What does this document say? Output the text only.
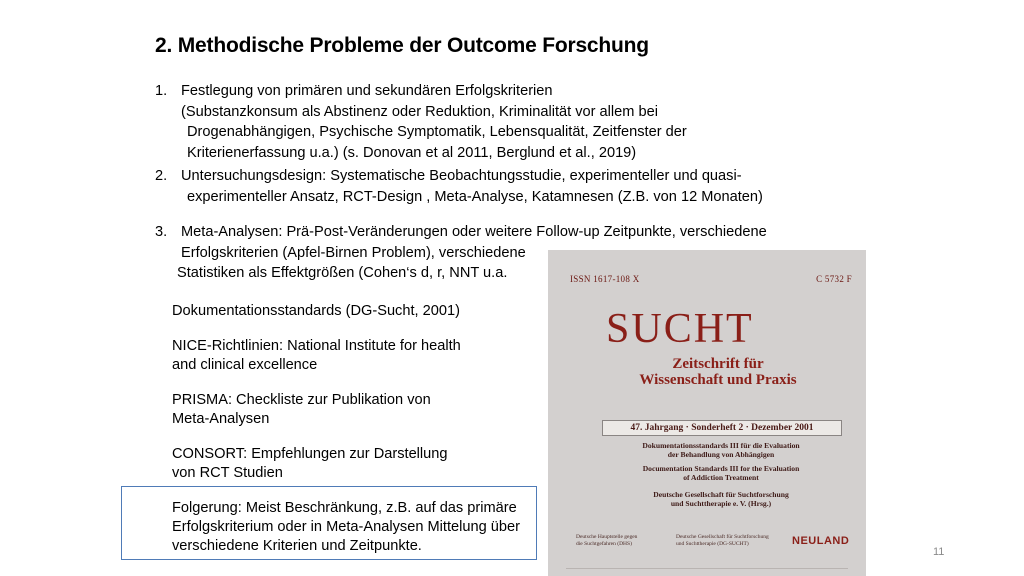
2. Methodische Probleme der Outcome Forschung
1. Festlegung von primären und sekundären Erfolgskriterien
(Substanzkonsum als Abstinenz oder Reduktion, Kriminalität vor allem bei
Drogenabhängigen, Psychische Symptomatik, Lebensqualität, Zeitfenster der
Kriterienerfassung u.a.) (s. Donovan et al 2011, Berglund et al., 2019)
2. Untersuchungsdesign: Systematische Beobachtungsstudie, experimenteller und quasi-
experimenteller Ansatz, RCT-Design , Meta-Analyse, Katamnesen (Z.B. von 12 Monaten)
3. Meta-Analysen: Prä-Post-Veränderungen oder weitere Follow-up Zeitpunkte, verschiedene
Erfolgskriterien (Apfel-Birnen Problem), verschiedene
Statistiken als Effektgrößen (Cohen‘s d, r, NNT u.a.
Dokumentationsstandards (DG-Sucht, 2001)
NICE-Richtlinien: National Institute for health
and clinical excellence
PRISMA: Checkliste zur Publikation von
Meta-Analysen
CONSORT: Empfehlungen zur Darstellung
von RCT Studien
Folgerung: Meist Beschränkung, z.B. auf das primäre
Erfolgskriterium oder in Meta-Analysen Mittelung über
verschiedene Kriterien und Zeitpunkte.
ISSN 1617-108 X	C 5732 F
SUCHT
Zeitschrift für
Wissenschaft und Praxis
47. Jahrgang · Sonderheft 2 · Dezember 2001
Dokumentationsstandards III für die Evaluation
der Behandlung von Abhängigen
Documentation Standards III for the Evaluation
of Addiction Treatment
Deutsche Gesellschaft für Suchtforschung
und Suchttherapie e. V. (Hrsg.)
Deutsche Hauptstelle gegen
die Suchtgefahren (DHS)
Deutsche Gesellschaft für Suchtforschung
und Suchttherapie (DG-SUCHT)	NEULAND
11
